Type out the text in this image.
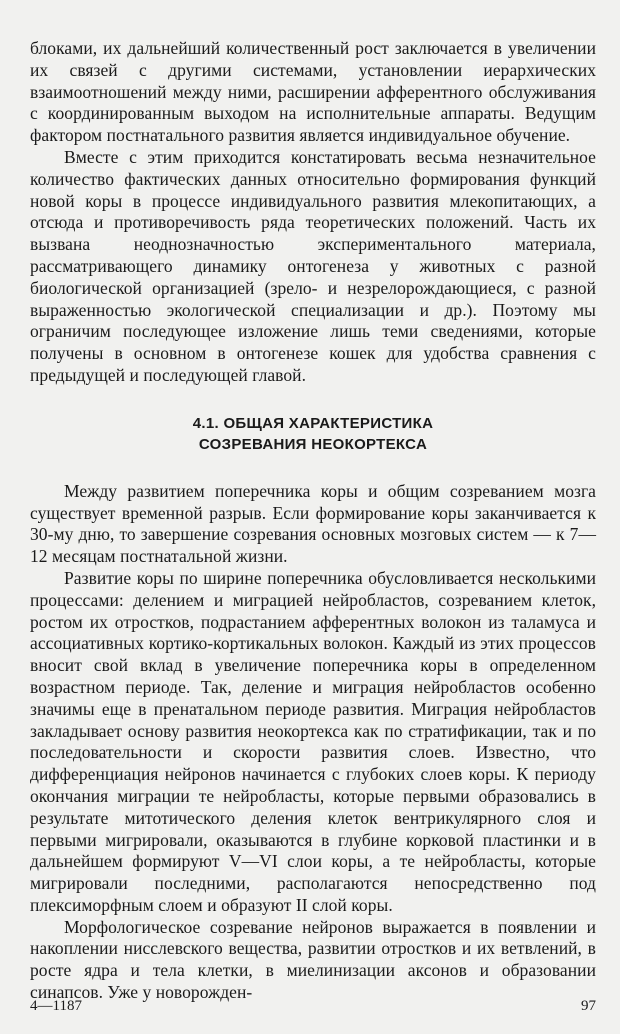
блоками, их дальнейший количественный рост заключается в увеличении их связей с другими системами, установлении иерархических взаимоотношений между ними, расширении афферентного обслуживания с координированным выходом на исполнительные аппараты. Ведущим фактором постнатального развития является индивидуальное обучение.

Вместе с этим приходится констатировать весьма незначительное количество фактических данных относительно формирования функций новой коры в процессе индивидуального развития млекопитающих, а отсюда и противоречивость ряда теоретических положений. Часть их вызвана неоднозначностью экспериментального материала, рассматривающего динамику онтогенеза у животных с разной биологической организацией (зрело- и незрелорождающиеся, с разной выраженностью экологической специализации и др.). Поэтому мы ограничим последующее изложение лишь теми сведениями, которые получены в основном в онтогенезе кошек для удобства сравнения с предыдущей и последующей главой.

4.1. ОБЩАЯ ХАРАКТЕРИСТИКА
СОЗРЕВАНИЯ НЕОКОРТЕКСА

Между развитием поперечника коры и общим созреванием мозга существует временной разрыв. Если формирование коры заканчивается к 30-му дню, то завершение созревания основных мозговых систем — к 7—12 месяцам постнатальной жизни.

Развитие коры по ширине поперечника обусловливается несколькими процессами: делением и миграцией нейробластов, созреванием клеток, ростом их отростков, подрастанием афферентных волокон из таламуса и ассоциативных кортико-кортикальных волокон. Каждый из этих процессов вносит свой вклад в увеличение поперечника коры в определенном возрастном периоде. Так, деление и миграция нейробластов особенно значимы еще в пренатальном периоде развития. Миграция нейробластов закладывает основу развития неокортекса как по стратификации, так и по последовательности и скорости развития слоев. Известно, что дифференциация нейронов начинается с глубоких слоев коры. К периоду окончания миграции те нейробласты, которые первыми образовались в результате митотического деления клеток вентрикулярного слоя и первыми мигрировали, оказываются в глубине корковой пластинки и в дальнейшем формируют V—VI слои коры, а те нейробласты, которые мигрировали последними, располагаются непосредственно под плексиморфным слоем и образуют II слой коры.

Морфологическое созревание нейронов выражается в появлении и накоплении нисслевского вещества, развитии отростков и их ветвлений, в росте ядра и тела клетки, в миелинизации аксонов и образовании синапсов. Уже у новорожден-

4—1187	97
